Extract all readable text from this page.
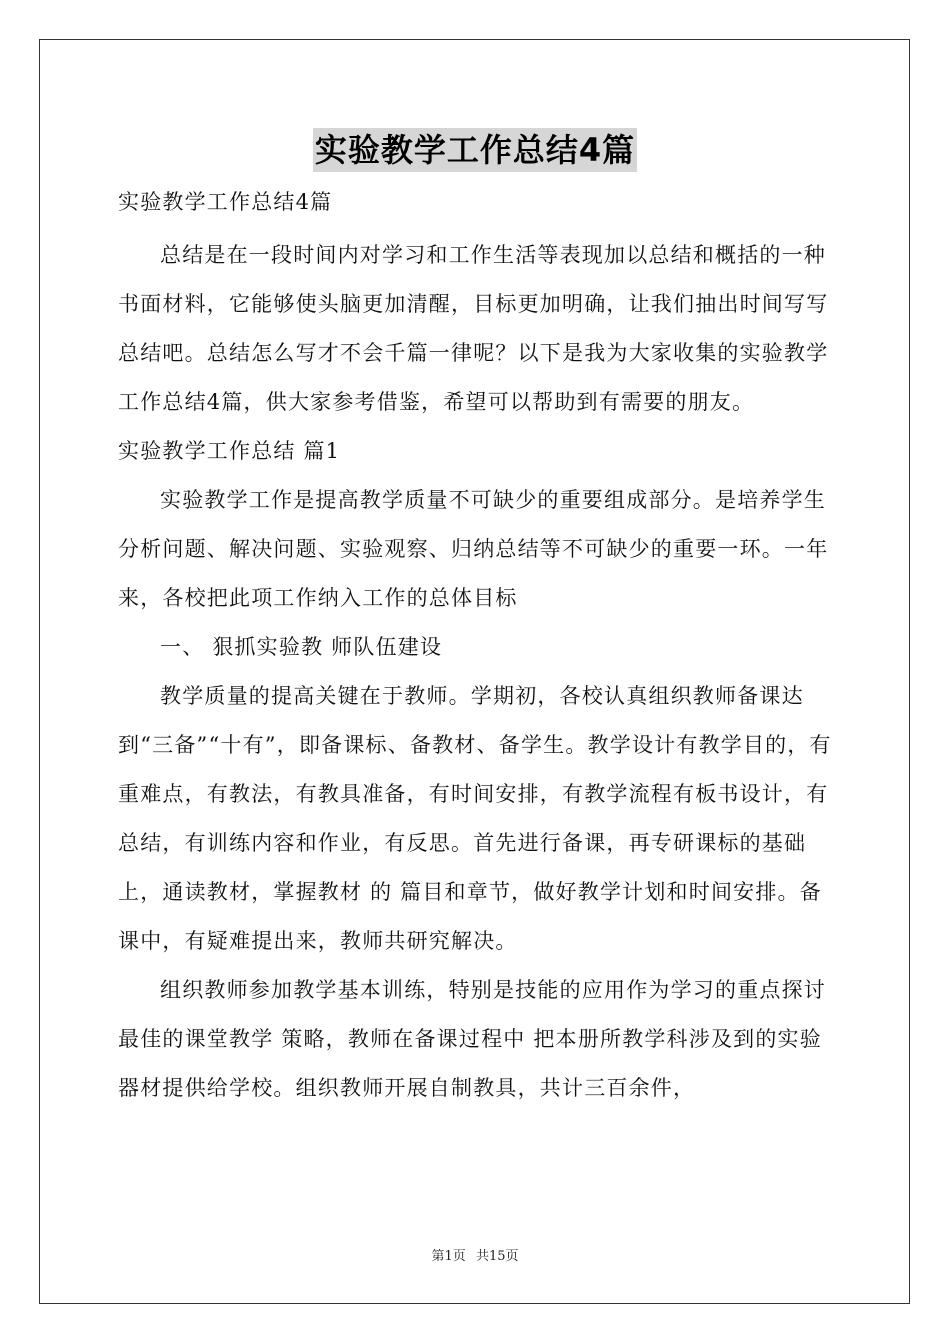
实验教学工作总结4篇

实验教学工作总结4篇

总结是在一段时间内对学习和工作生活等表现加以总结和概括的一种书面材料，它能够使头脑更加清醒，目标更加明确，让我们抽出时间写写总结吧。总结怎么写才不会千篇一律呢？以下是我为大家收集的实验教学工作总结4篇，供大家参考借鉴，希望可以帮助到有需要的朋友。

实验教学工作总结 篇1

实验教学工作是提高教学质量不可缺少的重要组成部分。是培养学生分析问题、解决问题、实验观察、归纳总结等不可缺少的重要一环。一年来，各校把此项工作纳入工作的总体目标

一、 狠抓实验教 师队伍建设

教学质量的提高关键在于教师。学期初，各校认真组织教师备课达到“三备”“十有”，即备课标、备教材、备学生。教学设计有教学目的，有重难点，有教法，有教具准备，有时间安排，有教学流程有板书设计，有总结，有训练内容和作业，有反思。首先进行备课，再专研课标的基础上，通读教材，掌握教材 的 篇目和章节，做好教学计划和时间安排。备课中，有疑难提出来，教师共研究解决。

组织教师参加教学基本训练，特别是技能的应用作为学习的重点探讨最佳的课堂教学 策略，教师在备课过程中 把本册所教学科涉及到的实验器材提供给学校。组织教师开展自制教具，共计三百余件，

第1页 共15页
